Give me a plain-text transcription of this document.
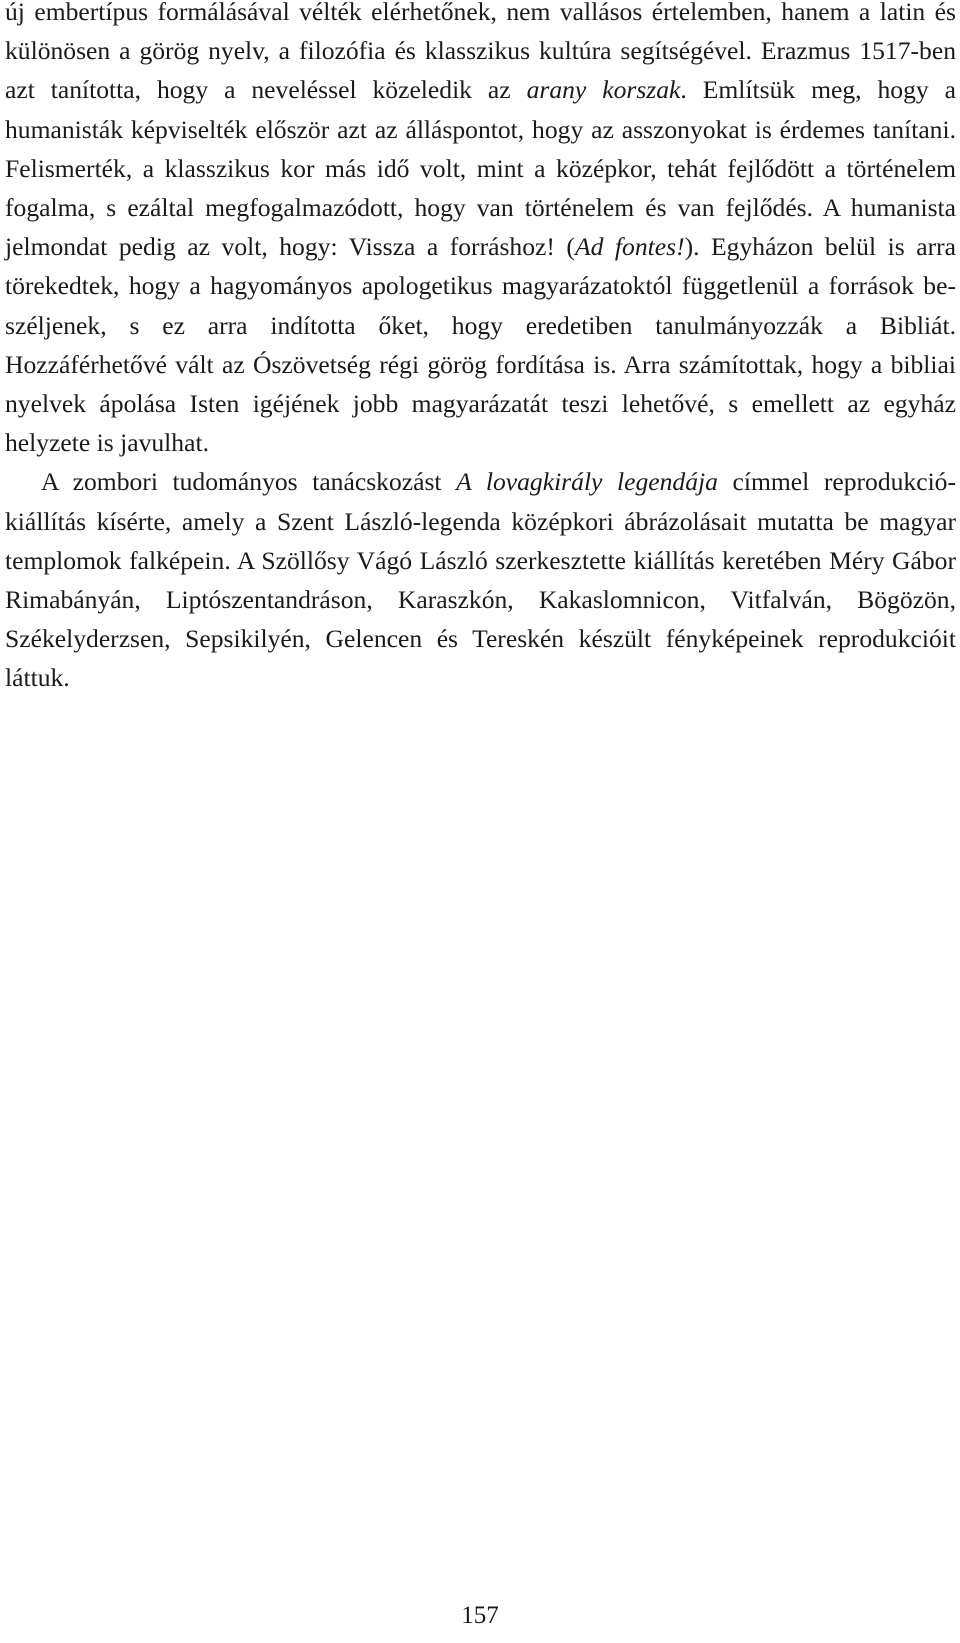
új embertípus formálásával vélték elérhetőnek, nem vallásos értelemben, hanem a latin és különösen a görög nyelv, a filozófia és klasszikus kultúra segítségével. Erazmus 1517-ben azt tanította, hogy a neveléssel közeledik az arany korszak. Említsük meg, hogy a humanisták képviselték először azt az álláspontot, hogy az asszonyokat is érdemes tanítani. Felismerték, a klasszikus kor más idő volt, mint a középkor, tehát fejlődött a történelem fogalma, s ezáltal megfogalmazódott, hogy van történelem és van fejlődés. A humanista jelmondat pedig az volt, hogy: Vissza a forráshoz! (Ad fontes!). Egyházon belül is arra törekedtek, hogy a hagyományos apologetikus magyarázatoktól függetlenül a források beszéljenek, s ez arra indította őket, hogy eredetiben tanulmányozzák a Bibliát. Hozzáférhetővé vált az Ószövetség régi görög fordítása is. Arra számítottak, hogy a bibliai nyelvek ápolása Isten igéjének jobb magyarázatát teszi lehetővé, s emellett az egyház helyzete is javulhat.

A zombori tudományos tanácskozást A lovagkirály legendája címmel reprodukció-kiállítás kísérte, amely a Szent László-legenda középkori ábrázolásait mutatta be magyar templomok falképein. A Szöllősy Vágó László szerkesztette kiállítás keretében Méry Gábor Rimabányán, Liptószentandráson, Karaszkón, Kakaslomnicon, Vitfalván, Bögözön, Székelyderzsen, Sepsikilyén, Gelencen és Tereskén készült fényképeinek reprodukcióit láttuk.

157
